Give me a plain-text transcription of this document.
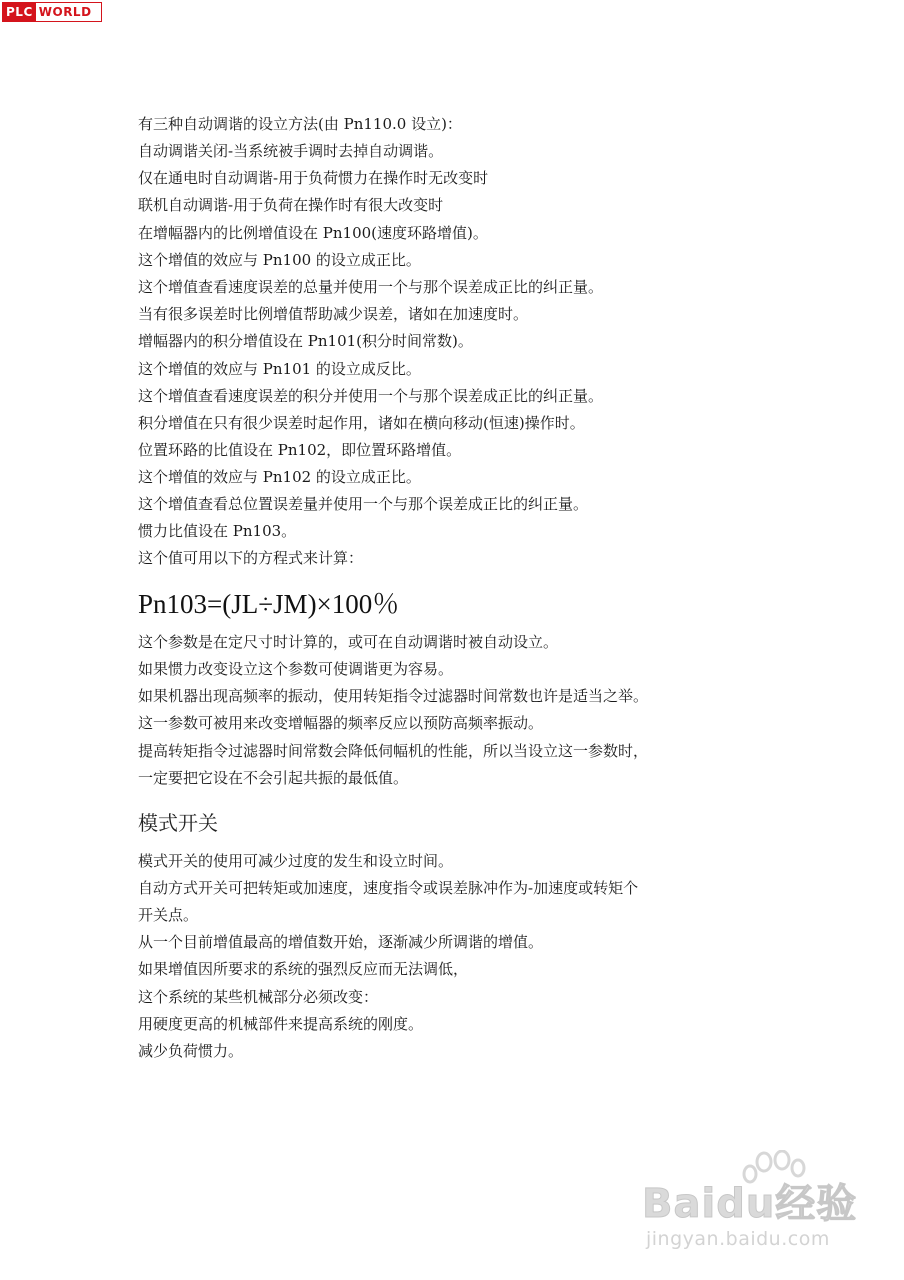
PLC WORLD
有三种自动调谐的设立方法(由 Pn110.0 设立)：
自动调谐关闭-当系统被手调时去掉自动调谐。
仅在通电时自动调谐-用于负荷惯力在操作时无改变时
联机自动调谐-用于负荷在操作时有很大改变时
在增幅器内的比例增值设在 Pn100(速度环路增值)。
这个增值的效应与 Pn100 的设立成正比。
这个增值查看速度误差的总量并使用一个与那个误差成正比的纠正量。
当有很多误差时比例增值帮助减少误差，诸如在加速度时。
增幅器内的积分增值设在 Pn101(积分时间常数)。
这个增值的效应与 Pn101 的设立成反比。
这个增值查看速度误差的积分并使用一个与那个误差成正比的纠正量。
积分增值在只有很少误差时起作用，诸如在横向移动(恒速)操作时。
位置环路的比值设在 Pn102，即位置环路增值。
这个增值的效应与 Pn102 的设立成正比。
这个增值查看总位置误差量并使用一个与那个误差成正比的纠正量。
惯力比值设在 Pn103。
这个值可用以下的方程式来计算：
Pn103=(JL÷JM)×100％
这个参数是在定尺寸时计算的，或可在自动调谐时被自动设立。
如果惯力改变设立这个参数可使调谐更为容易。
如果机器出现高频率的振动，使用转矩指令过滤器时间常数也许是适当之举。
这一参数可被用来改变增幅器的频率反应以预防高频率振动。
提高转矩指令过滤器时间常数会降低伺幅机的性能，所以当设立这一参数时，
一定要把它设在不会引起共振的最低值。
模式开关
模式开关的使用可减少过度的发生和设立时间。
自动方式开关可把转矩或加速度，速度指令或误差脉冲作为-加速度或转矩个
开关点。
从一个目前增值最高的增值数开始，逐渐减少所调谐的增值。
如果增值因所要求的系统的强烈反应而无法调低，
这个系统的某些机械部分必须改变：
用硬度更高的机械部件来提高系统的刚度。
减少负荷惯力。
Baidu经验
jingyan.baidu.com
